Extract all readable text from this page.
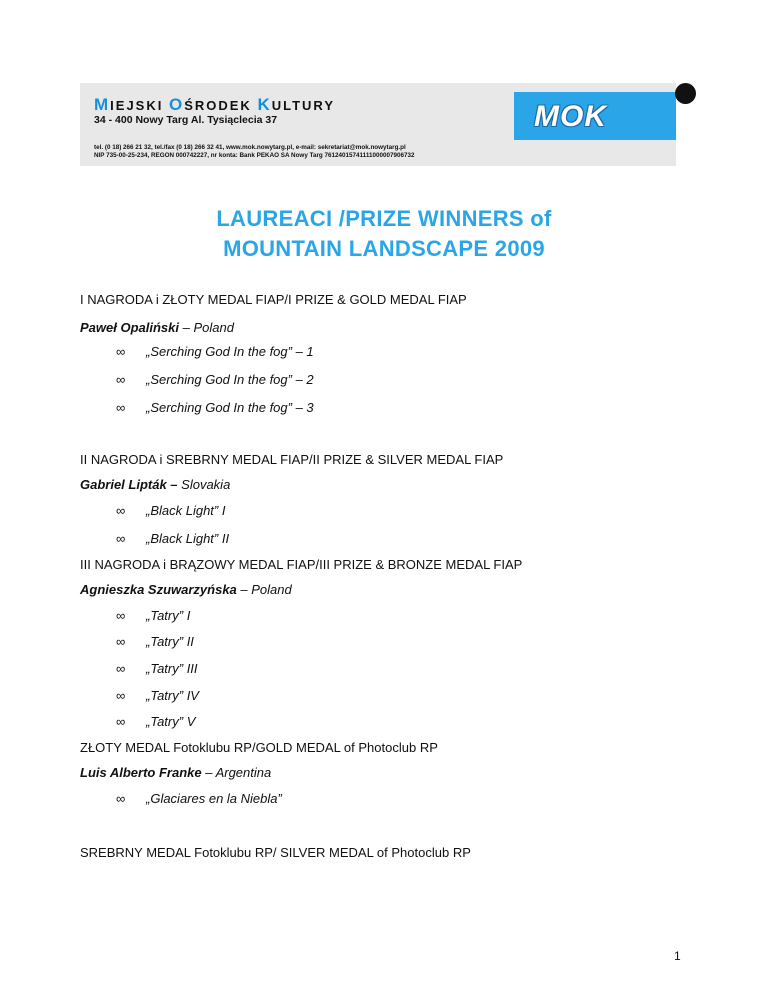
MIEJSKI OŚRODEK KULTURY
34 - 400 Nowy Targ Al. Tysiąclecia 37
tel. (0 18) 266 21 32, tel./fax (0 18) 266 32 41, www.mok.nowytarg.pl, e-mail: sekretariat@mok.nowytarg.pl
NIP 735-00-25-234, REGON 000742227, nr konta: Bank PEKAO SA Nowy Targ 76124015741111000007906732
MOK
LAUREACI /PRIZE WINNERS of
MOUNTAIN LANDSCAPE 2009
I NAGRODA i ZŁOTY MEDAL FIAP/I PRIZE & GOLD MEDAL FIAP
Paweł Opaliński – Poland
∞ „Serching God In the fog” – 1
∞ „Serching God In the fog” – 2
∞ „Serching God In the fog” – 3
II NAGRODA i SREBRNY MEDAL FIAP/II PRIZE & SILVER MEDAL FIAP
Gabriel Lipták – Slovakia
∞ „Black Light” I
∞ „Black Light” II
III NAGRODA i BRĄZOWY MEDAL FIAP/III PRIZE & BRONZE MEDAL FIAP
Agnieszka Szuwarzyńska – Poland
∞ „Tatry” I
∞ „Tatry” II
∞ „Tatry” III
∞ „Tatry” IV
∞ „Tatry” V
ZŁOTY MEDAL Fotoklubu RP/GOLD MEDAL of Photoclub RP
Luis Alberto Franke – Argentina
∞ „Glaciares en la Niebla”
SREBRNY MEDAL Fotoklubu RP/ SILVER MEDAL of Photoclub RP
1
